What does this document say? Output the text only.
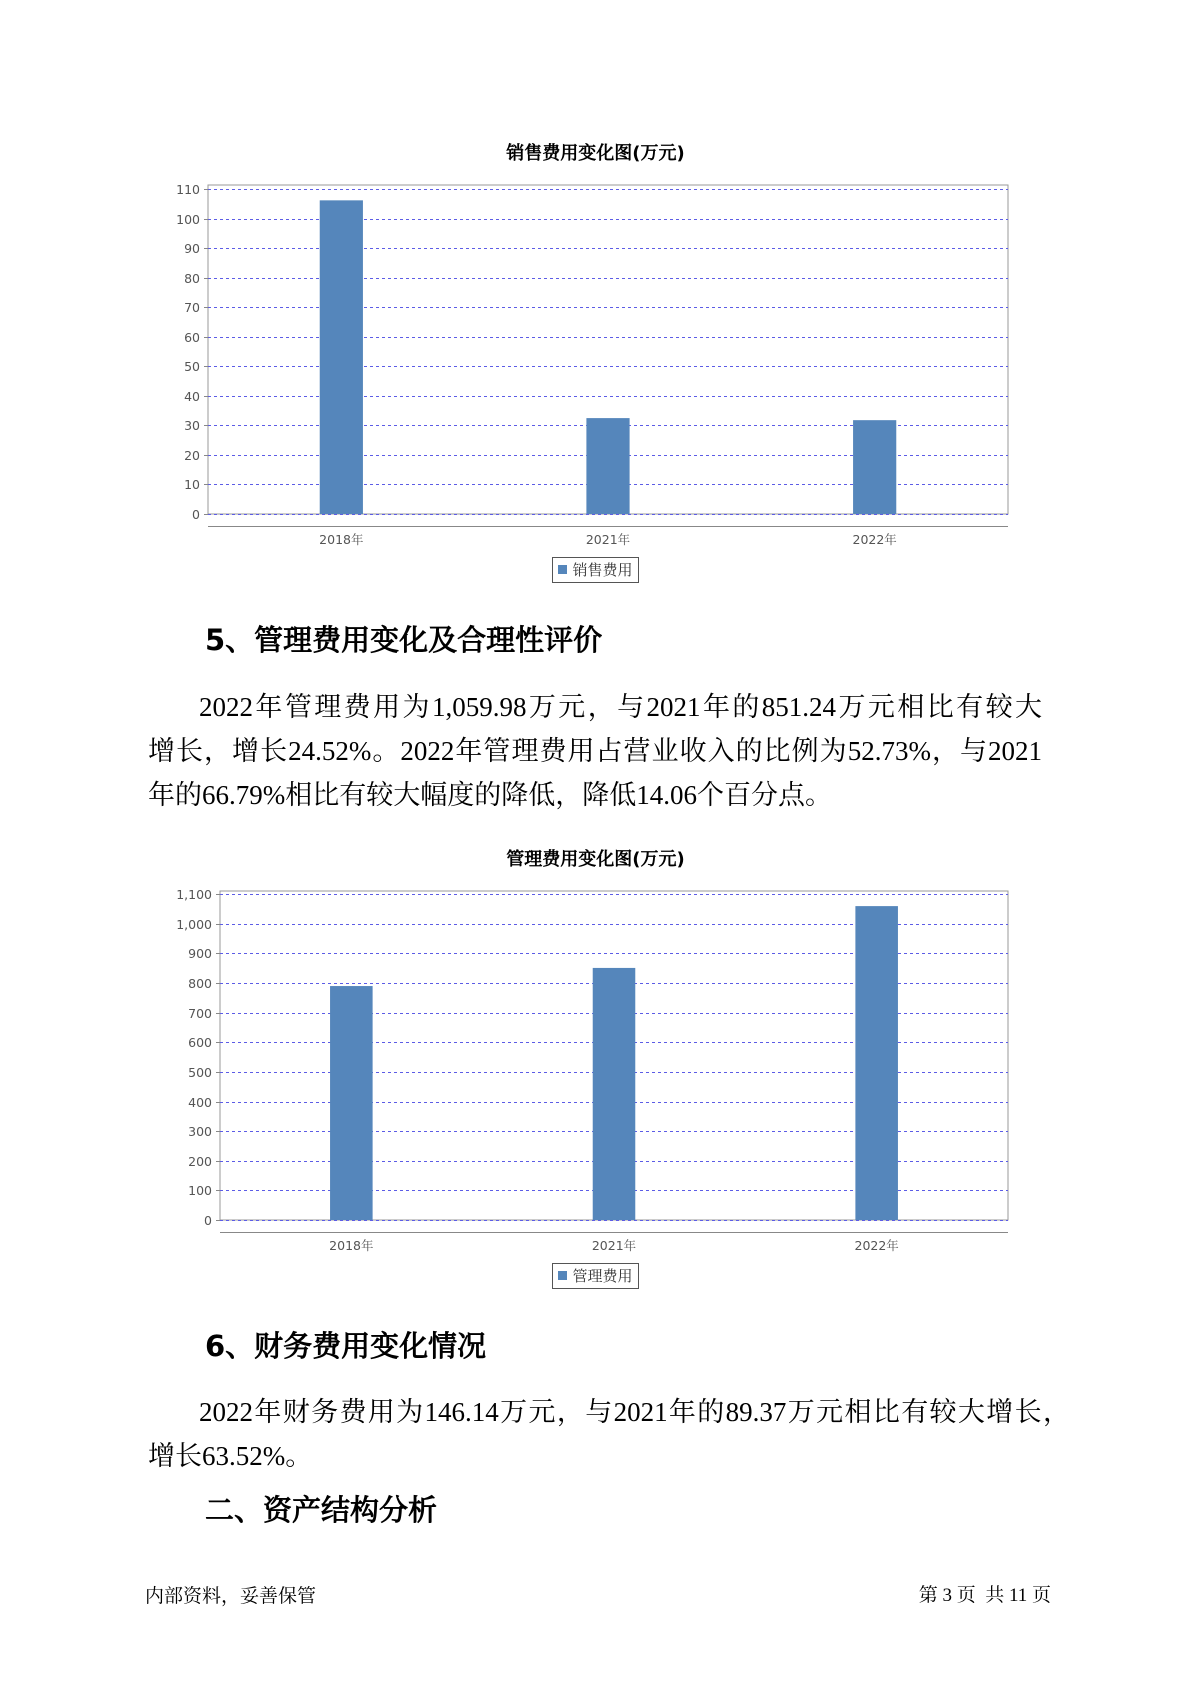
销售费用变化图(万元)
0
10
20
30
40
50
60
70
80
90
100
110
2018年	2021年	2022年
销售费用
5、管理费用变化及合理性评价
2022年管理费用为1,059.98万元，与2021年的851.24万元相比有较大
增长，增长24.52%。2022年管理费用占营业收入的比例为52.73%，与2021
年的66.79%相比有较大幅度的降低，降低14.06个百分点。
管理费用变化图(万元)
0
100
200
300
400
500
600
700
800
900
1,000
1,100
2018年	2021年	2022年
管理费用
6、财务费用变化情况
2022年财务费用为146.14万元，与2021年的89.37万元相比有较大增长，
增长63.52%。
二、资产结构分析
内部资料，妥善保管	第 3 页  共 11 页
